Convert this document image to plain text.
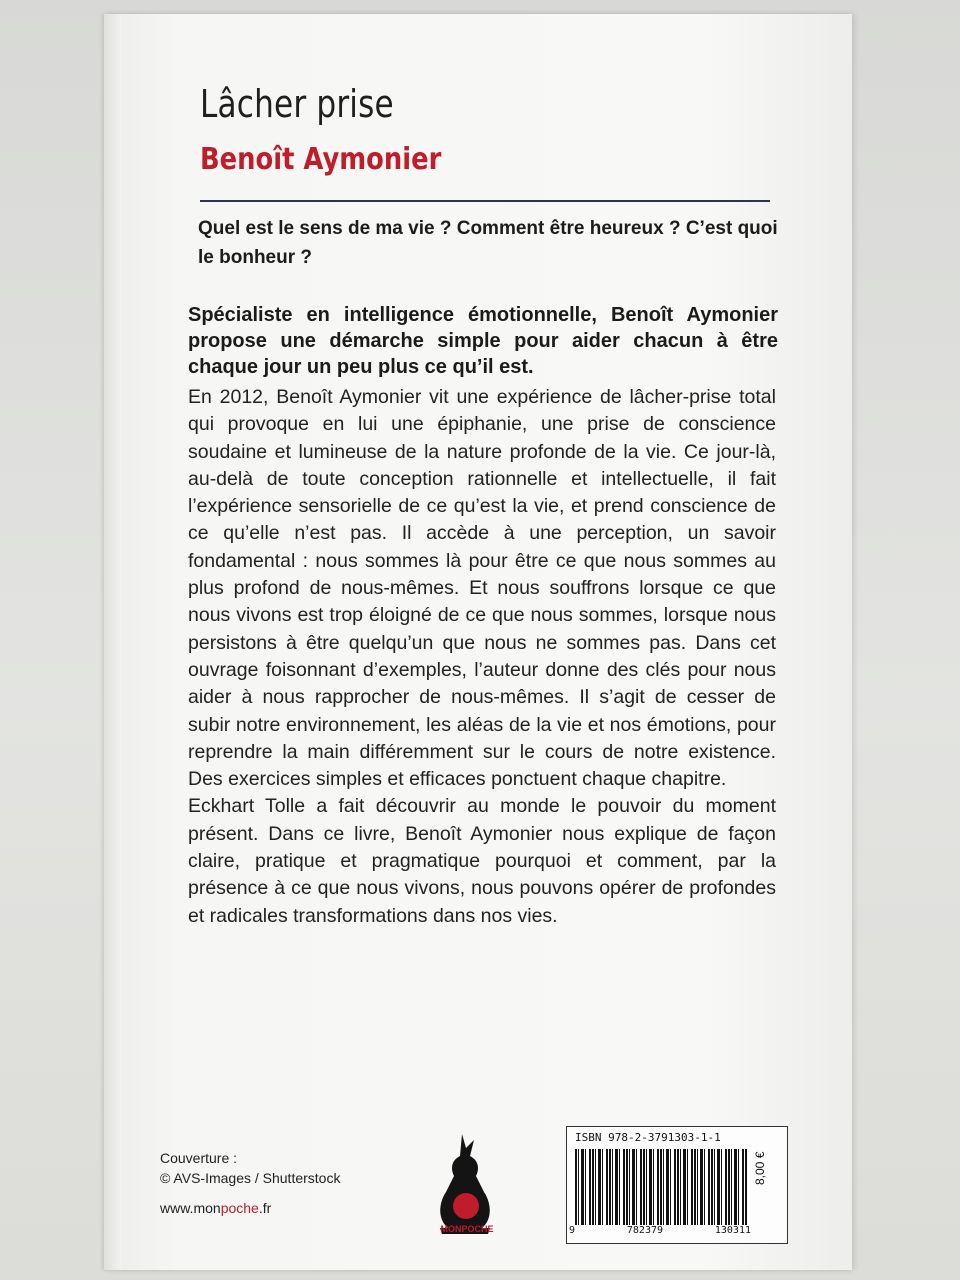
Lâcher prise
Benoît Aymonier

Quel est le sens de ma vie ? Comment être heureux ? C’est quoi le bonheur ?

Spécialiste en intelligence émotionnelle, Benoît Aymonier propose une démarche simple pour aider chacun à être chaque jour un peu plus ce qu’il est.

En 2012, Benoît Aymonier vit une expérience de lâcher-prise total qui provoque en lui une épiphanie, une prise de conscience soudaine et lumineuse de la nature profonde de la vie. Ce jour-là, au-delà de toute conception rationnelle et intellectuelle, il fait l’expérience sensorielle de ce qu’est la vie, et prend conscience de ce qu’elle n’est pas. Il accède à une perception, un savoir fondamental : nous sommes là pour être ce que nous sommes au plus profond de nous-mêmes. Et nous souffrons lorsque ce que nous vivons est trop éloigné de ce que nous sommes, lorsque nous persistons à être quelqu’un que nous ne sommes pas. Dans cet ouvrage foisonnant d’exemples, l’auteur donne des clés pour nous aider à nous rapprocher de nous-mêmes. Il s’agit de cesser de subir notre environnement, les aléas de la vie et nos émotions, pour reprendre la main différemment sur le cours de notre existence. Des exercices simples et efficaces ponctuent chaque chapitre.

Eckhart Tolle a fait découvrir au monde le pouvoir du moment présent. Dans ce livre, Benoît Aymonier nous explique de façon claire, pratique et pragmatique pourquoi et comment, par la présence à ce que nous vivons, nous pouvons opérer de profondes et radicales transformations dans nos vies.

Couverture :
© AVS-Images / Shutterstock
www.monpoche.fr
MONPOCHE
ISBN 978-2-3791303-1-1
9	782379	130311
8,00 €
